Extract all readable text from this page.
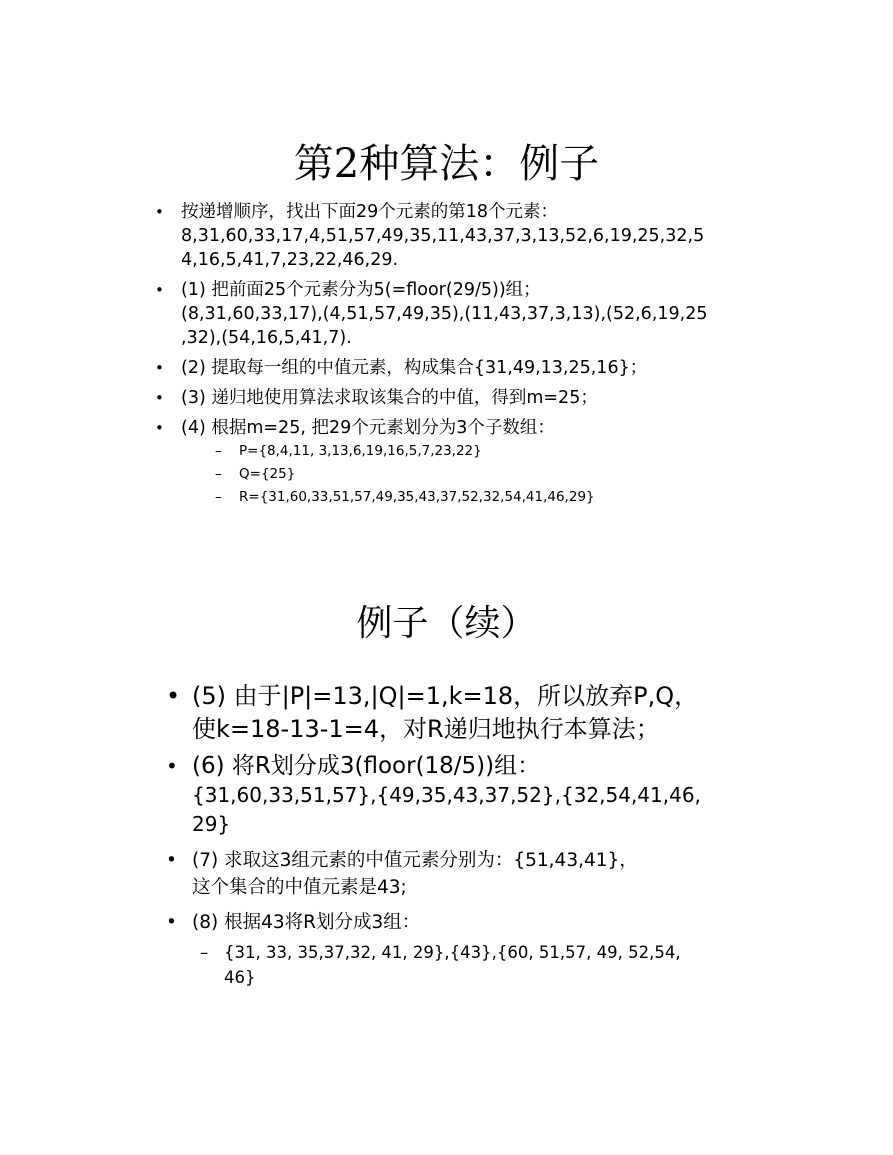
第2种算法：例子
• 按递增顺序，找出下面29个元素的第18个元素：
8,31,60,33,17,4,51,57,49,35,11,43,37,3,13,52,6,19,25,32,5
4,16,5,41,7,23,22,46,29.
• (1) 把前面25个元素分为5(=floor(29/5))组；
(8,31,60,33,17),(4,51,57,49,35),(11,43,37,3,13),(52,6,19,25
,32),(54,16,5,41,7).
• (2) 提取每一组的中值元素，构成集合{31,49,13,25,16}；
• (3) 递归地使用算法求取该集合的中值，得到m=25；
• (4) 根据m=25, 把29个元素划分为3个子数组：
– P={8,4,11, 3,13,6,19,16,5,7,23,22}
– Q={25}
– R={31,60,33,51,57,49,35,43,37,52,32,54,41,46,29}
例子（续）
• (5) 由于|P|=13,|Q|=1,k=18，所以放弃P,Q，
使k=18-13-1=4，对R递归地执行本算法；
• (6) 将R划分成3(floor(18/5))组：
{31,60,33,51,57},{49,35,43,37,52},{32,54,41,46,
29}
• (7) 求取这3组元素的中值元素分别为：{51,43,41}，
这个集合的中值元素是43;
• (8) 根据43将R划分成3组：
– {31, 33, 35,37,32, 41, 29},{43},{60, 51,57, 49, 52,54,
46}
